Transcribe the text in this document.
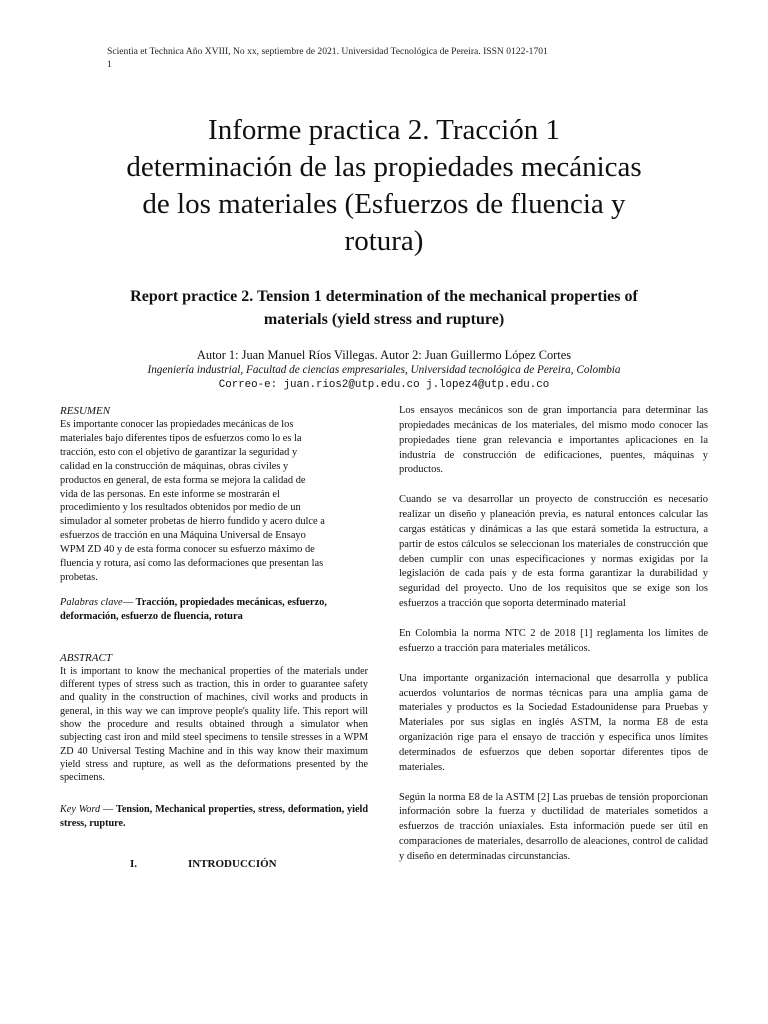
Scientia et Technica Año XVIII, No xx, septiembre de 2021. Universidad Tecnológica de Pereira. ISSN 0122-1701
1
Informe practica 2. Tracción 1
determinación de las propiedades mecánicas
de los materiales (Esfuerzos de fluencia y
rotura)
Report practice 2. Tension 1 determination of the mechanical properties of
materials (yield stress and rupture)
Autor 1: Juan Manuel Ríos Villegas. Autor 2: Juan Guillermo López Cortes
Ingeniería industrial, Facultad de ciencias empresariales, Universidad tecnológica de Pereira, Colombia
Correo-e: juan.rios2@utp.edu.co j.lopez4@utp.edu.co
RESUMEN
Es importante conocer las propiedades mecánicas de los
materiales bajo diferentes tipos de esfuerzos como lo es la
tracción, esto con el objetivo de garantizar la seguridad y
calidad en la construcción de máquinas, obras civiles y
productos en general, de esta forma se mejora la calidad de
vida de las personas. En este informe se mostrarán el
procedimiento y los resultados obtenidos por medio de un
simulador al someter probetas de hierro fundido y acero dulce a
esfuerzos de tracción en una Máquina Universal de Ensayo
WPM ZD 40 y de esta forma conocer su esfuerzo máximo de
fluencia y rotura, así como las deformaciones que presentan las
probetas.
Palabras clave— Tracción, propiedades mecánicas, esfuerzo, deformación, esfuerzo de fluencia, rotura
ABSTRACT
It is important to know the mechanical properties of the materials under different types of stress such as traction, this in order to guarantee safety and quality in the construction of machines, civil works and products in general, in this way we can improve people's quality life. This report will show the procedure and results obtained through a simulator when subjecting cast iron and mild steel specimens to tensile stresses in a WPM ZD 40 Universal Testing Machine and in this way know their maximum yield stress and rupture, as well as the deformations presented by the specimens.
Key Word — Tension, Mechanical properties, stress, deformation, yield stress, rupture.
I.	INTRODUCCIÓN

Los ensayos mecánicos son de gran importancia para determinar las propiedades mecánicas de los materiales, del mismo modo conocer las propiedades tiene gran relevancia e importantes aplicaciones en la industria de construcción de edificaciones, puentes, máquinas y productos.

Cuando se va desarrollar un proyecto de construcción es necesario realizar un diseño y planeación previa, es natural entonces calcular las cargas estáticas y dinámicas a las que estará sometida la estructura, a partir de estos cálculos se seleccionan los materiales de construcción que deben cumplir con unas especificaciones y normas exigidas por la legislación de cada país y de esta forma garantizar la durabilidad y seguridad del proyecto. Uno de los requisitos que se exige son los esfuerzos a tracción que soporta determinado material

En Colombia la norma NTC 2 de 2018 [1] reglamenta los límites de esfuerzo a tracción para materiales metálicos.

Una importante organización internacional que desarrolla y publica acuerdos voluntarios de normas técnicas para una amplia gama de materiales y productos es la Sociedad Estadounidense para Pruebas y Materiales por sus siglas en inglés ASTM, la norma E8 de esta organización rige para el ensayo de tracción y especifica unos límites determinados de esfuerzos que deben soportar diferentes tipos de materiales.

Según la norma E8 de la ASTM [2] Las pruebas de tensión proporcionan información sobre la fuerza y ductilidad de materiales sometidos a esfuerzos de tracción uniaxiales. Esta información puede ser útil en comparaciones de materiales, desarrollo de aleaciones, control de calidad y diseño en determinadas circunstancias.
